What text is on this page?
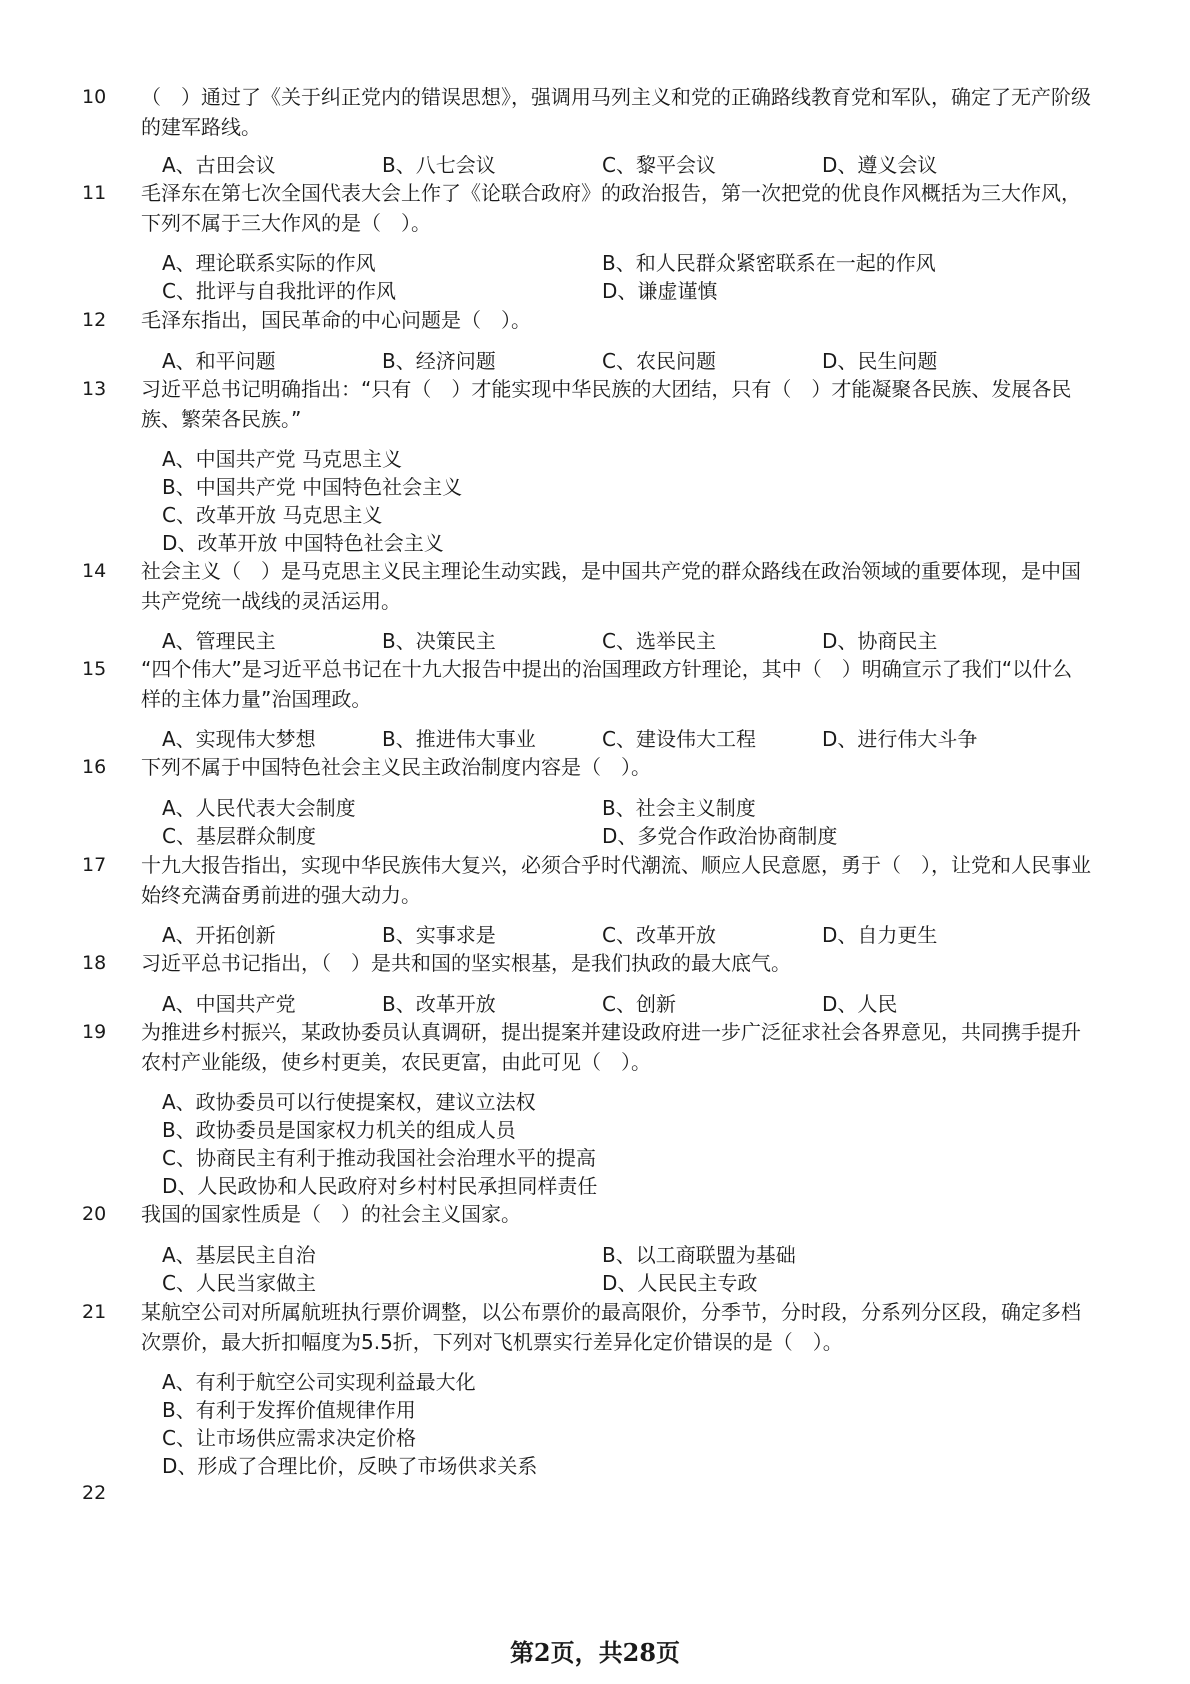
10 （　）通过了《关于纠正党内的错误思想》，强调用马列主义和党的正确路线教育党和军队，确定了无产阶级的建军路线。
A、古田会议	B、八七会议	C、黎平会议	D、遵义会议
11 毛泽东在第七次全国代表大会上作了《论联合政府》的政治报告，第一次把党的优良作风概括为三大作风，下列不属于三大作风的是（　）。
A、理论联系实际的作风	B、和人民群众紧密联系在一起的作风
C、批评与自我批评的作风	D、谦虚谨慎
12 毛泽东指出，国民革命的中心问题是（　）。
A、和平问题	B、经济问题	C、农民问题	D、民生问题
13 习近平总书记明确指出：“只有（　）才能实现中华民族的大团结，只有（　）才能凝聚各民族、发展各民族、繁荣各民族。”
A、中国共产党 马克思主义
B、中国共产党 中国特色社会主义
C、改革开放 马克思主义
D、改革开放 中国特色社会主义
14 社会主义（　）是马克思主义民主理论生动实践，是中国共产党的群众路线在政治领域的重要体现，是中国共产党统一战线的灵活运用。
A、管理民主	B、决策民主	C、选举民主	D、协商民主
15 “四个伟大”是习近平总书记在十九大报告中提出的治国理政方针理论，其中（　）明确宣示了我们“以什么样的主体力量”治国理政。
A、实现伟大梦想	B、推进伟大事业	C、建设伟大工程	D、进行伟大斗争
16 下列不属于中国特色社会主义民主政治制度内容是（　）。
A、人民代表大会制度	B、社会主义制度
C、基层群众制度	D、多党合作政治协商制度
17 十九大报告指出，实现中华民族伟大复兴，必须合乎时代潮流、顺应人民意愿，勇于（　），让党和人民事业始终充满奋勇前进的强大动力。
A、开拓创新	B、实事求是	C、改革开放	D、自力更生
18 习近平总书记指出，（　）是共和国的坚实根基，是我们执政的最大底气。
A、中国共产党	B、改革开放	C、创新	D、人民
19 为推进乡村振兴，某政协委员认真调研，提出提案并建设政府进一步广泛征求社会各界意见，共同携手提升农村产业能级，使乡村更美，农民更富，由此可见（　）。
A、政协委员可以行使提案权，建议立法权
B、政协委员是国家权力机关的组成人员
C、协商民主有利于推动我国社会治理水平的提高
D、人民政协和人民政府对乡村村民承担同样责任
20 我国的国家性质是（　）的社会主义国家。
A、基层民主自治	B、以工商联盟为基础
C、人民当家做主	D、人民民主专政
21 某航空公司对所属航班执行票价调整，以公布票价的最高限价，分季节，分时段，分系列分区段，确定多档次票价，最大折扣幅度为5.5折，下列对飞机票实行差异化定价错误的是（　）。
A、有利于航空公司实现利益最大化
B、有利于发挥价值规律作用
C、让市场供应需求决定价格
D、形成了合理比价，反映了市场供求关系
22
第2页，共28页
